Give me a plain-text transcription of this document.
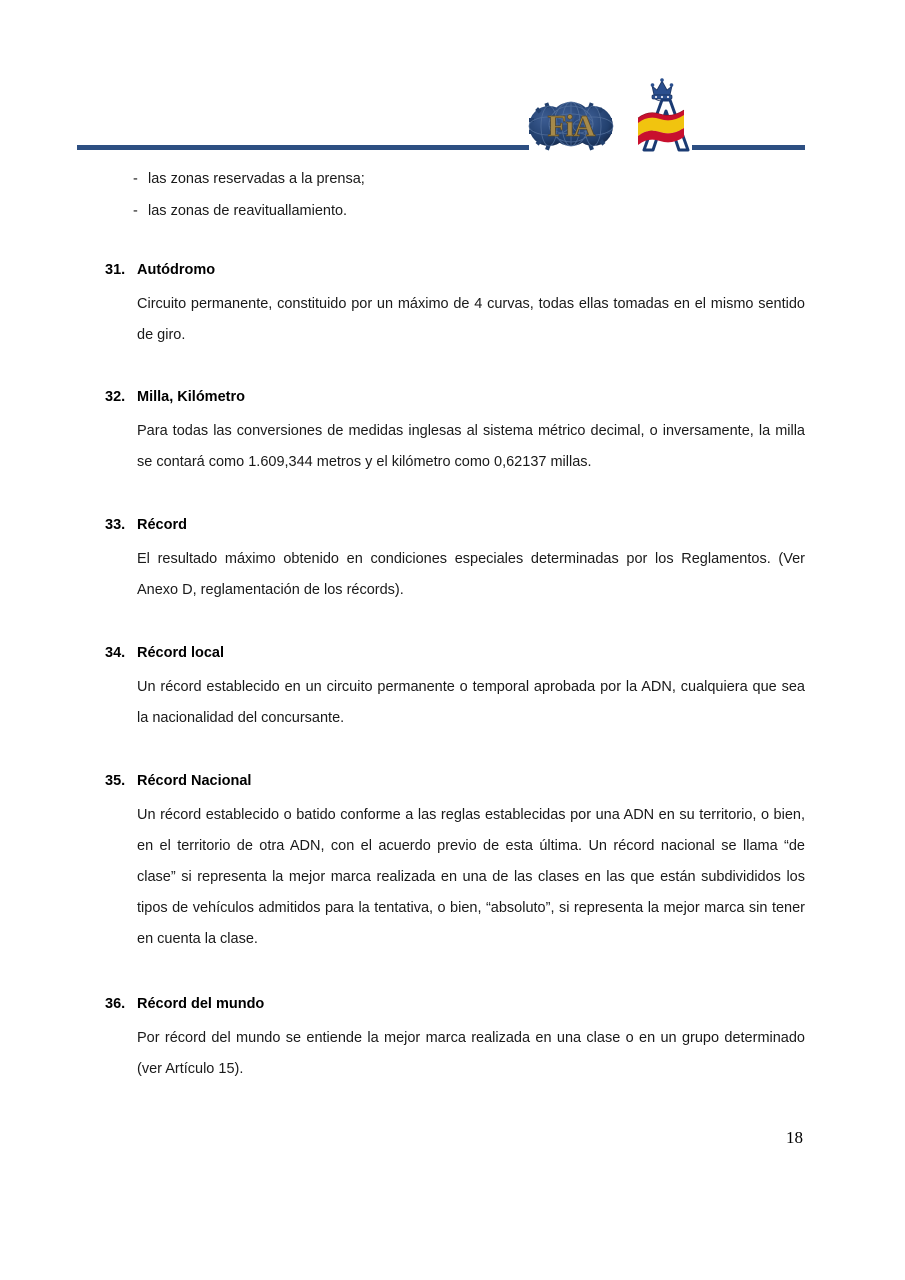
FiA
- las zonas reservadas a la prensa;
- las zonas de reavituallamiento.
31. Autódromo
Circuito permanente, constituido por un máximo de 4 curvas, todas ellas tomadas en el mismo sentido de giro.
32. Milla, Kilómetro
Para todas las conversiones de medidas inglesas al sistema métrico decimal, o inversamente, la milla se contará como 1.609,344 metros y el kilómetro como 0,62137 millas.
33. Récord
El resultado máximo obtenido en condiciones especiales determinadas por los Reglamentos. (Ver Anexo D, reglamentación de los récords).
34. Récord local
Un récord establecido en un circuito permanente o temporal aprobada por la ADN, cualquiera que sea la nacionalidad del concursante.
35. Récord Nacional
Un récord establecido o batido conforme a las reglas establecidas por una ADN en su territorio, o bien, en el territorio de otra ADN, con el acuerdo previo de esta última. Un récord nacional se llama “de clase” si representa la mejor marca realizada en una de las clases en las que están subdivididos los tipos de vehículos admitidos para la tentativa, o bien, “absoluto”, si representa la mejor marca sin tener en cuenta la clase.
36. Récord del mundo
Por récord del mundo se entiende la mejor marca realizada en una clase o en un grupo determinado (ver Artículo 15).
18
